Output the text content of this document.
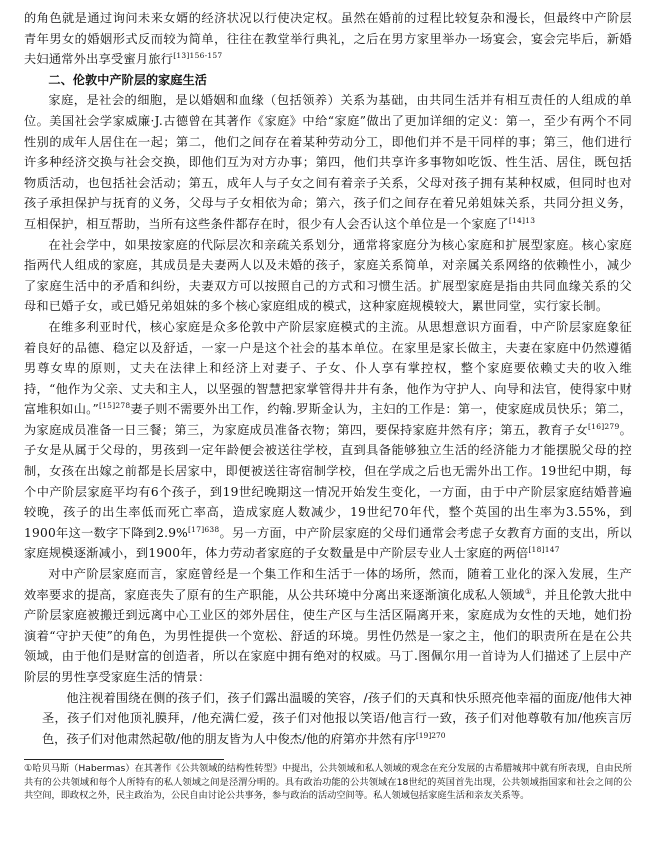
的角色就是通过询问未来女婿的经济状况以行使决定权。虽然在婚前的过程比较复杂和漫长，但最终中产阶层青年男女的婚姻形式反而较为简单，往往在教堂举行典礼，之后在男方家里举办一场宴会，宴会完毕后，新婚夫妇通常外出享受蜜月旅行$^{[13]156-157}$

二、伦敦中产阶层的家庭生活

家庭，是社会的细胞，是以婚姻和血缘（包括领养）关系为基础，由共同生活并有相互责任的人组成的单位。美国社会学家威廉·J.古德曾在其著作《家庭》中给“家庭”做出了更加详细的定义：第一，至少有两个不同性别的成年人居住在一起；第二，他们之间存在着某种劳动分工，即他们并不是干同样的事；第三，他们进行许多种经济交换与社会交换，即他们互为对方办事；第四，他们共享许多事物如吃饭、性生活、居住，既包括物质活动，也包括社会活动；第五，成年人与子女之间有着亲子关系，父母对孩子拥有某种权威，但同时也对孩子承担保护与抚育的义务，父母与子女相依为命；第六，孩子们之间存在着兄弟姐妹关系，共同分担义务，互相保护，相互帮助，当所有这些条件都存在时，很少有人会否认这个单位是一个家庭了$^{[14]13}$

在社会学中，如果按家庭的代际层次和亲疏关系划分，通常将家庭分为核心家庭和扩展型家庭。核心家庭指两代人组成的家庭，其成员是夫妻两人以及未婚的孩子，家庭关系简单，对亲属关系网络的依赖性小，减少了家庭生活中的矛盾和纠纷，夫妻双方可以按照自己的方式和习惯生活。扩展型家庭是指由共同血缘关系的父母和已婚子女，或已婚兄弟姐妹的多个核心家庭组成的模式，这种家庭规模较大，累世同堂，实行家长制。

在维多利亚时代，核心家庭是众多伦敦中产阶层家庭模式的主流。从思想意识方面看，中产阶层家庭象征着良好的品德、稳定以及舒适，一家一户是这个社会的基本单位。在家里是家长做主，夫妻在家庭中仍然遵循男尊女卑的原则，丈夫在法律上和经济上对妻子、子女、仆人享有掌控权，整个家庭要依赖丈夫的收入维持，“他作为父亲、丈夫和主人，以坚强的智慧把家掌管得井井有条，他作为守护人、向导和法官，使得家中财富堆积如山。”$^{[15]278}$妻子则不需要外出工作，约翰.罗斯金认为，主妇的工作是：第一，使家庭成员快乐；第二，为家庭成员准备一日三餐；第三，为家庭成员准备衣物；第四，要保持家庭井然有序；第五，教育子女$^{[16]279}$。子女是从属于父母的，男孩到一定年龄便会被送往学校，直到具备能够独立生活的经济能力才能摆脱父母的控制，女孩在出嫁之前都是长居家中，即便被送往寄宿制学校，但在学成之后也无需外出工作。19世纪中期，每个中产阶层家庭平均有6个孩子，到19世纪晚期这一情况开始发生变化，一方面，由于中产阶层家庭结婚普遍较晚，孩子的出生率低而死亡率高，造成家庭人数减少，19世纪70年代，整个英国的出生率为3.55%，到1900年这一数字下降到2.9%$^{[17]638}$。另一方面，中产阶层家庭的父母们通常会考虑子女教育方面的支出，所以家庭规模逐渐减小，到1900年，体力劳动者家庭的子女数量是中产阶层专业人士家庭的两倍$^{[18]147}$

对中产阶层家庭而言，家庭曾经是一个集工作和生活于一体的场所，然而，随着工业化的深入发展，生产效率要求的提高，家庭丧失了原有的生产职能，从公共环境中分离出来逐渐演化成私人领域①，并且伦敦大批中产阶层家庭被搬迁到远离中心工业区的郊外居住，使生产区与生活区隔离开来，家庭成为女性的天地，她们扮演着“守护天使”的角色，为男性提供一个宽松、舒适的环境。男性仍然是一家之主，他们的职责所在是在公共领域，由于他们是财富的创造者，所以在家庭中拥有绝对的权威。马丁.图佩尔用一首诗为人们描述了上层中产阶层的男性享受家庭生活的情景：

他注视着围绕在侧的孩子们，孩子们露出温暖的笑容，/孩子们的天真和快乐照亮他幸福的面庞/他伟大神圣，孩子们对他顶礼膜拜，/他充满仁爱，孩子们对他报以笑语/他言行一致，孩子们对他尊敬有加/他疾言厉色，孩子们对他肃然起敬/他的朋友皆为人中俊杰/他的府第亦井然有序$^{[19]270}$

①哈贝马斯（Habermas）在其著作《公共领域的结构性转型》中提出，公共领域和私人领域的观念在充分发展的古希腊城邦中就有所表现，自由民所共有的公共领域和每个人所特有的私人领域之间是泾渭分明的。具有政治功能的公共领域在18世纪的英国首先出现，公共领域指国家和社会之间的公共空间，即政权之外，民主政治为，公民自由讨论公共事务，参与政治的活动空间等。私人领域包括家庭生活和亲友关系等。
